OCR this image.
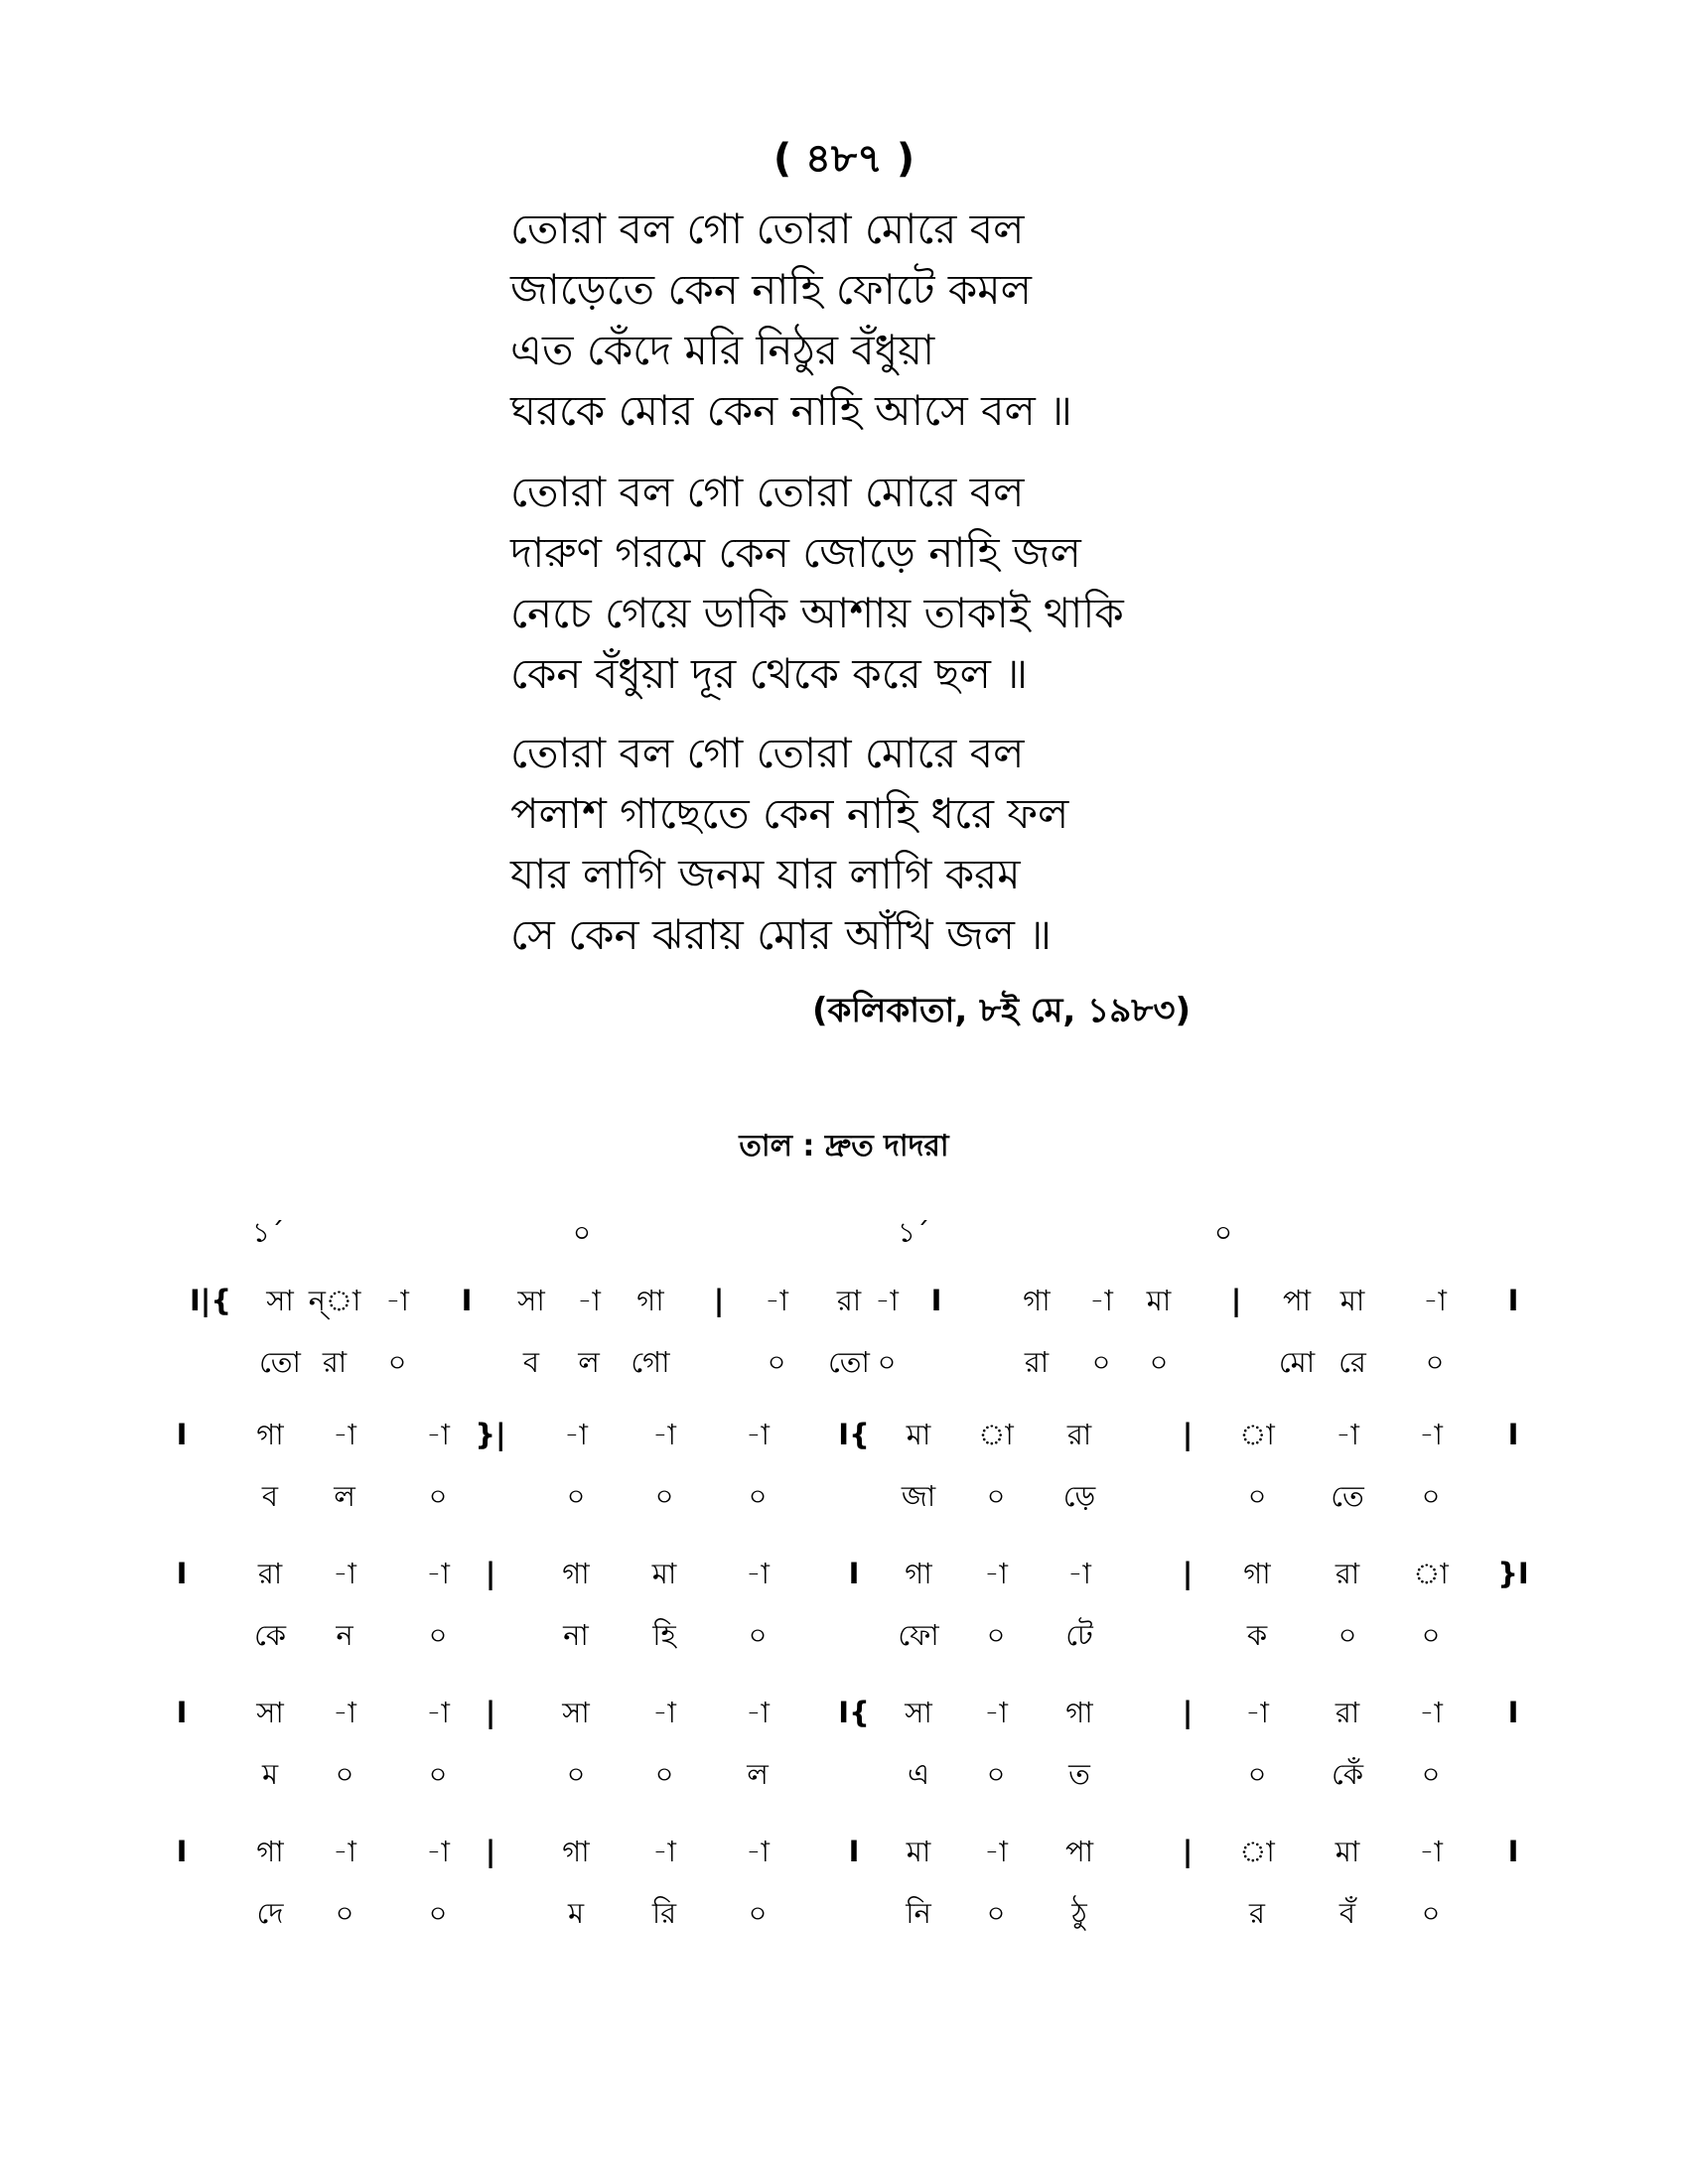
( ৪৮৭ )
তোরা বল গো তোরা মোরে বল
জাড়েতে কেন নাহি ফোটে কমল
এত কেঁদে মরি নিঠুর বঁধুয়া
ঘরকে মোর কেন নাহি আসে বল ॥
তোরা বল গো তোরা মোরে বল
দারুণ গরমে কেন জোড়ে নাহি জল
নেচে গেয়ে ডাকি আশায় তাকাই থাকি
কেন বঁধুয়া দূর থেকে করে ছল ॥
তোরা বল গো তোরা মোরে বল
পলাশ গাছেতে কেন নাহি ধরে ফল
যার লাগি জনম যার লাগি করম
সে কেন ঝরায় মোর আঁখি জল ॥
(কলিকাতা, ৮ই মে, ১৯৮৩)
তাল : দ্রুত দাদরা
১´	০	১´	০
I|{	সা ন্‌া -া	I	সা	-া	গা	|	-া	রা -া	I	গা	-া	মা	|	পা	মা	-া	I
তো রা	০	ব	ল	গো	০	তো ০	রা	০	০	মো রে	০
I	গা	-া	-া }|	-া	-া	-া	I{	মা	া	রা	|	া	-া	-া	I
ব	ল	০	০	০	০	জা	০	ড়ে	০	তে	০
I	রা	-া	-া	|	গা	মা	-া	I	গা	-া	-া	|	গা	রা	া	}I
কে	ন	০	না	হি	০	ফো	০	টে	ক	০	০
I	সা	-া	-া	|	সা	-া	-া	I{	সা	-া	গা	|	-া	রা	-া	I
ম	০	০	০	০	ল	এ	০	ত	০	কেঁ	০
I	গা	-া	-া	|	গা	-া	-া	I	মা	-া	পা	|	া	মা	-া	I
দে	০	০	ম	রি	০	নি	০	ঠু	র	বঁ	০
